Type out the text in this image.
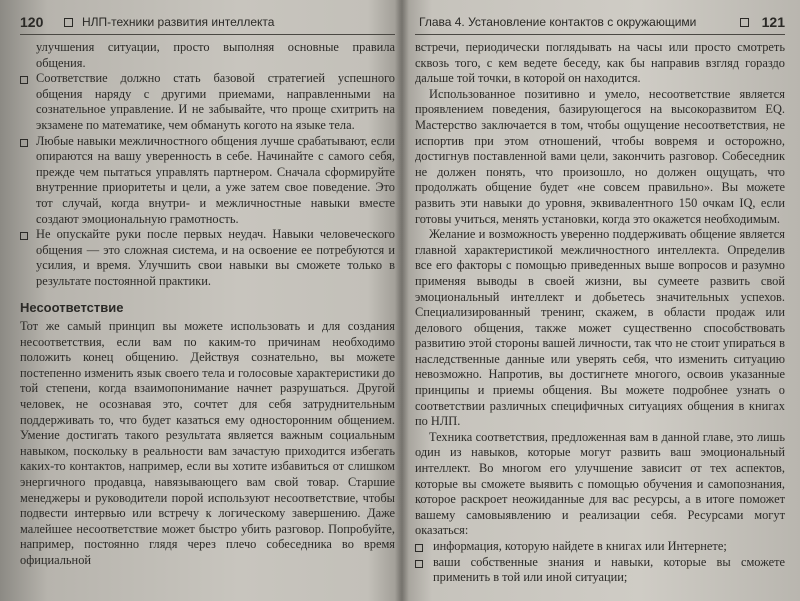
120	НЛП-техники развития интеллекта
улучшения ситуации, просто выполняя основные правила общения.
Соответствие должно стать базовой стратегией успешного общения наряду с другими приемами, направленными на сознательное управление. И не забывайте, что проще схитрить на экзамене по математике, чем обмануть когото на языке тела.
Любые навыки межличностного общения лучше срабатывают, если опираются на вашу уверенность в себе. Начинайте с самого себя, прежде чем пытаться управлять партнером. Сначала сформируйте внутренние приоритеты и цели, а уже затем свое поведение. Это тот случай, когда внутри- и межличностные навыки вместе создают эмоциональную грамотность.
Не опускайте руки после первых неудач. Навыки человеческого общения — это сложная система, и на освоение ее потребуются и усилия, и время. Улучшить свои навыки вы сможете только в результате постоянной практики.
Несоответствие

Тот же самый принцип вы можете использовать и для создания несоответствия, если вам по каким-то причинам необходимо положить конец общению. Действуя сознательно, вы можете постепенно изменить язык своего тела и голосовые характеристики до той степени, когда взаимопонимание начнет разрушаться. Другой человек, не осознавая это, сочтет для себя затруднительным поддерживать то, что будет казаться ему односторонним общением. Умение достигать такого результата является важным социальным навыком, поскольку в реальности вам зачастую приходится избегать каких-то контактов, например, если вы хотите избавиться от слишком энергичного продавца, навязывающего вам свой товар. Старшие менеджеры и руководители порой используют несоответствие, чтобы подвести интервью или встречу к логическому завершению. Даже малейшее несоответствие может быстро убить разговор. Попробуйте, например, постоянно глядя через плечо собеседника во время официальной

Глава 4. Установление контактов с окружающими	121

встречи, периодически поглядывать на часы или просто смотреть сквозь того, с кем ведете беседу, как бы направив взгляд гораздо дальше той точки, в которой он находится.

Использованное позитивно и умело, несоответствие является проявлением поведения, базирующегося на высокоразвитом EQ. Мастерство заключается в том, чтобы ощущение несоответствия, не испортив при этом отношений, чтобы вовремя и осторожно, достигнув поставленной вами цели, закончить разговор. Собеседник не должен понять, что произошло, но должен ощущать, что продолжать общение будет «не совсем правильно». Вы можете развить эти навыки до уровня, эквивалентного 150 очкам IQ, если готовы учиться, менять установки, когда это окажется необходимым.

Желание и возможность уверенно поддерживать общение является главной характеристикой межличностного интеллекта. Определив все его факторы с помощью приведенных выше вопросов и разумно применяя выводы в своей жизни, вы сумеете развить свой эмоциональный интеллект и добьетесь значительных успехов. Специализированный тренинг, скажем, в области продаж или делового общения, также может существенно способствовать развитию этой стороны вашей личности, так что не стоит упираться в наследственные данные или уверять себя, что изменить ситуацию невозможно. Напротив, вы достигнете многого, освоив указанные принципы и приемы общения. Вы можете подробнее узнать о соответствии различных специфичных ситуациях общения в книгах по НЛП.

Техника соответствия, предложенная вам в данной главе, это лишь один из навыков, которые могут развить ваш эмоциональный интеллект. Во многом его улучшение зависит от тех аспектов, которые вы сможете выявить с помощью обучения и самопознания, которое раскроет неожиданные для вас ресурсы, а в итоге поможет вашему самовыявлению и реализации себя. Ресурсами могут оказаться:

информация, которую найдете в книгах или Интернете;
ваши собственные знания и навыки, которые вы сможете применить в той или иной ситуации;
